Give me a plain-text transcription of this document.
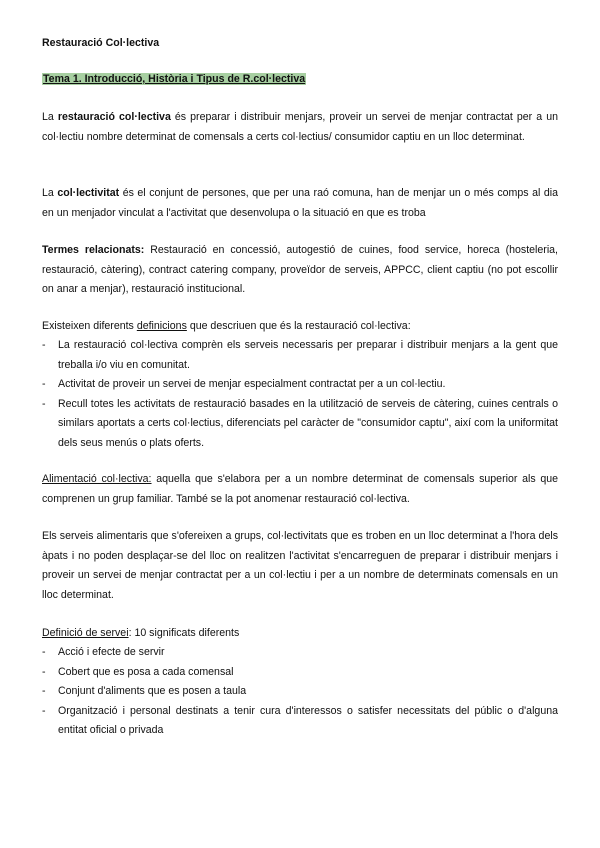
Restauració Col·lectiva
Tema 1. Introducció, Història i Tipus de R.col·lectiva
La restauració col·lectiva és preparar i distribuir menjars, proveir un servei de menjar contractat per a un col·lectiu nombre determinat de comensals a certs col·lectius/ consumidor captiu en un lloc determinat.
La col·lectivitat és el conjunt de persones, que per una raó comuna, han de menjar un o més comps al dia en un menjador vinculat a l'activitat que desenvolupa o la situació en que es troba
Termes relacionats: Restauració en concessió, autogestió de cuines, food service, horeca (hosteleria, restauració, càtering), contract catering company, proveïdor de serveis, APPCC, client captiu (no pot escollir on anar a menjar), restauració institucional.
Existeixen diferents definicions que descriuen que és la restauració col·lectiva:
- La restauració col·lectiva comprèn els serveis necessaris per preparar i distribuir menjars a la gent que treballa i/o viu en comunitat.
- Activitat de proveir un servei de menjar especialment contractat per a un col·lectiu.
- Recull totes les activitats de restauració basades en la utilització de serveis de càtering, cuines centrals o similars aportats a certs col·lectius, diferenciats pel caràcter de "consumidor captu", així com la uniformitat dels seus menús o plats oferts.
Alimentació col·lectiva: aquella que s'elabora per a un nombre determinat de comensals superior als que comprenen un grup familiar. També se la pot anomenar restauració col·lectiva.
Els serveis alimentaris que s'ofereixen a grups, col·lectivitats que es troben en un lloc determinat a l'hora dels àpats i no poden desplaçar-se del lloc on realitzen l'activitat s'encarreguen de preparar i distribuir menjars i proveir un servei de menjar contractat per a un col·lectiu i per a un nombre de determinats comensals en un lloc determinat.
Definició de servei: 10 significats diferents
- Acció i efecte de servir
- Cobert que es posa a cada comensal
- Conjunt d'aliments que es posen a taula
- Organització i personal destinats a tenir cura d'interessos o satisfer necessitats del públic o d'alguna entitat oficial o privada
